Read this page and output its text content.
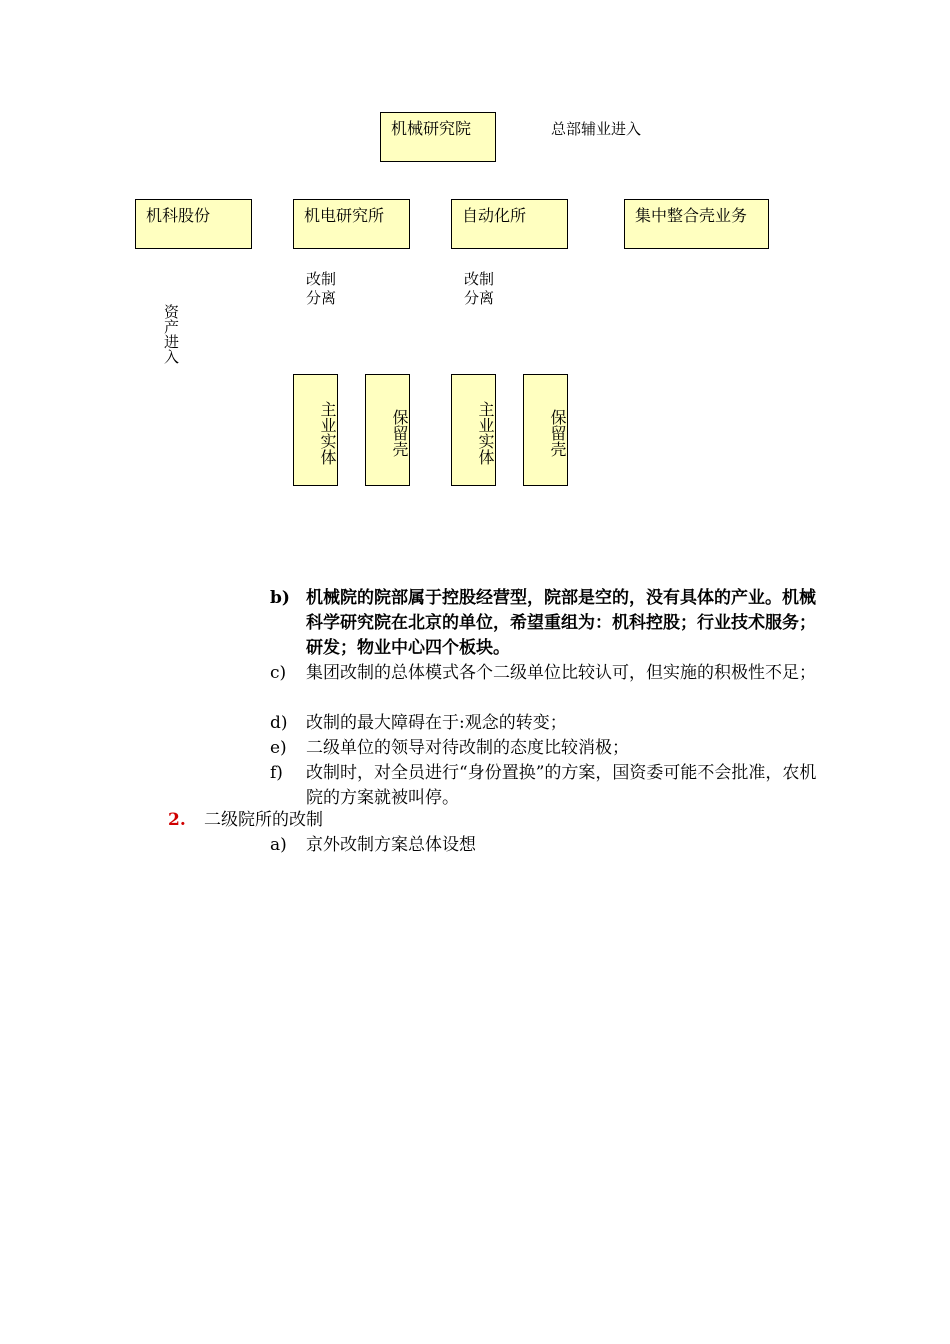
机械研究院	总部辅业进入
机科股份	机电研究所	自动化所	集中整合壳业务
改制
分离
改制
分离
资产进入
主业实体	保留壳	主业实体	保留壳
b) 机械院的院部属于控股经营型，院部是空的，没有具体的产业。机械科学研究院在北京的单位，希望重组为：机科控股；行业技术服务；研发；物业中心四个板块。
c) 集团改制的总体模式各个二级单位比较认可，但实施的积极性不足；
d) 改制的最大障碍在于:观念的转变；
e) 二级单位的领导对待改制的态度比较消极；
f) 改制时，对全员进行“身份置换”的方案，国资委可能不会批准，农机院的方案就被叫停。
2. 二级院所的改制
a) 京外改制方案总体设想
